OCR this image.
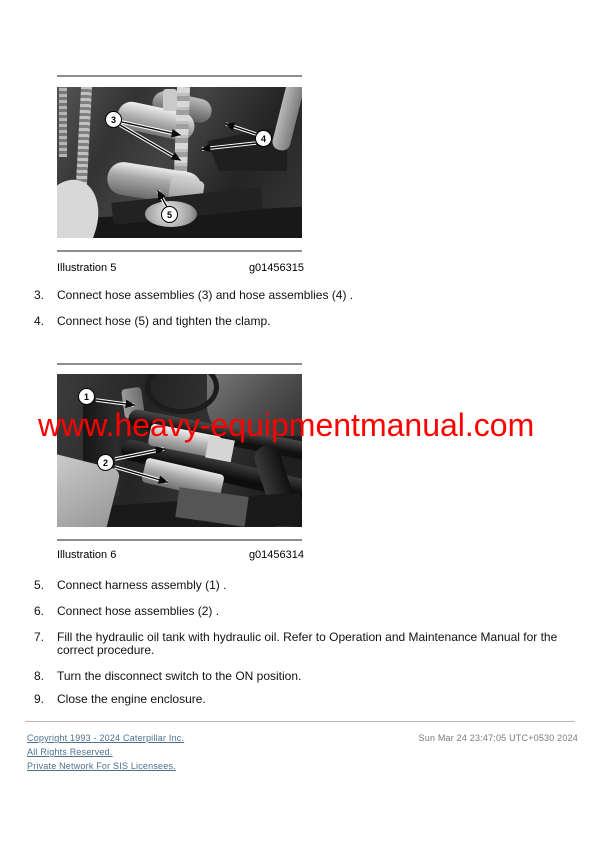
3
4
5
Illustration 5	g01456315
3. Connect hose assemblies (3) and hose assemblies (4) .
4. Connect hose (5) and tighten the clamp.
1
2
www.heavy-equipmentmanual.com
Illustration 6	g01456314
5. Connect harness assembly (1) .
6. Connect hose assemblies (2) .
7. Fill the hydraulic oil tank with hydraulic oil. Refer to Operation and Maintenance Manual for the correct procedure.
8. Turn the disconnect switch to the ON position.
9. Close the engine enclosure.
Copyright 1993 - 2024 Caterpillar Inc.
All Rights Reserved.
Private Network For SIS Licensees.
Sun Mar 24 23:47:05 UTC+0530 2024
